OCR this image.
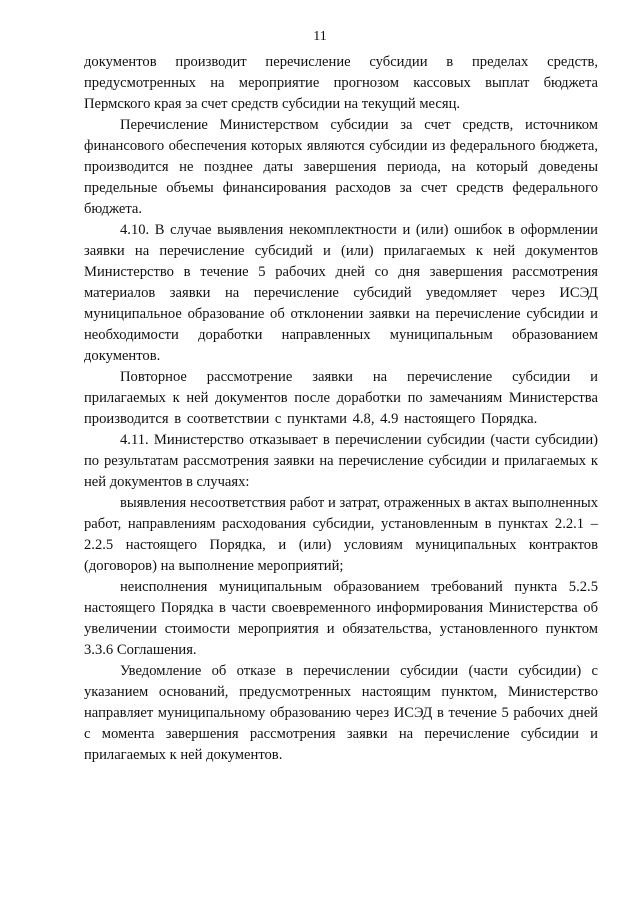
11

документов производит перечисление субсидии в пределах средств, предусмотренных на мероприятие прогнозом кассовых выплат бюджета Пермского края за счет средств субсидии на текущий месяц.

Перечисление Министерством субсидии за счет средств, источником финансового обеспечения которых являются субсидии из федерального бюджета, производится не позднее даты завершения периода, на который доведены предельные объемы финансирования расходов за счет средств федерального бюджета.

4.10. В случае выявления некомплектности и (или) ошибок в оформлении заявки на перечисление субсидий и (или) прилагаемых к ней документов Министерство в течение 5 рабочих дней со дня завершения рассмотрения материалов заявки на перечисление субсидий уведомляет через ИСЭД муниципальное образование об отклонении заявки на перечисление субсидии и необходимости доработки направленных муниципальным образованием документов.

Повторное рассмотрение заявки на перечисление субсидии и прилагаемых к ней документов после доработки по замечаниям Министерства производится в соответствии с пунктами 4.8, 4.9 настоящего Порядка.

4.11. Министерство отказывает в перечислении субсидии (части субсидии) по результатам рассмотрения заявки на перечисление субсидии и прилагаемых к ней документов в случаях:

выявления несоответствия работ и затрат, отраженных в актах выполненных работ, направлениям расходования субсидии, установленным в пунктах 2.2.1 – 2.2.5 настоящего Порядка, и (или) условиям муниципальных контрактов (договоров) на выполнение мероприятий;

неисполнения муниципальным образованием требований пункта 5.2.5 настоящего Порядка в части своевременного информирования Министерства об увеличении стоимости мероприятия и обязательства, установленного пунктом 3.3.6 Соглашения.

Уведомление об отказе в перечислении субсидии (части субсидии) с указанием оснований, предусмотренных настоящим пунктом, Министерство направляет муниципальному образованию через ИСЭД в течение 5 рабочих дней с момента завершения рассмотрения заявки на перечисление субсидии и прилагаемых к ней документов.
